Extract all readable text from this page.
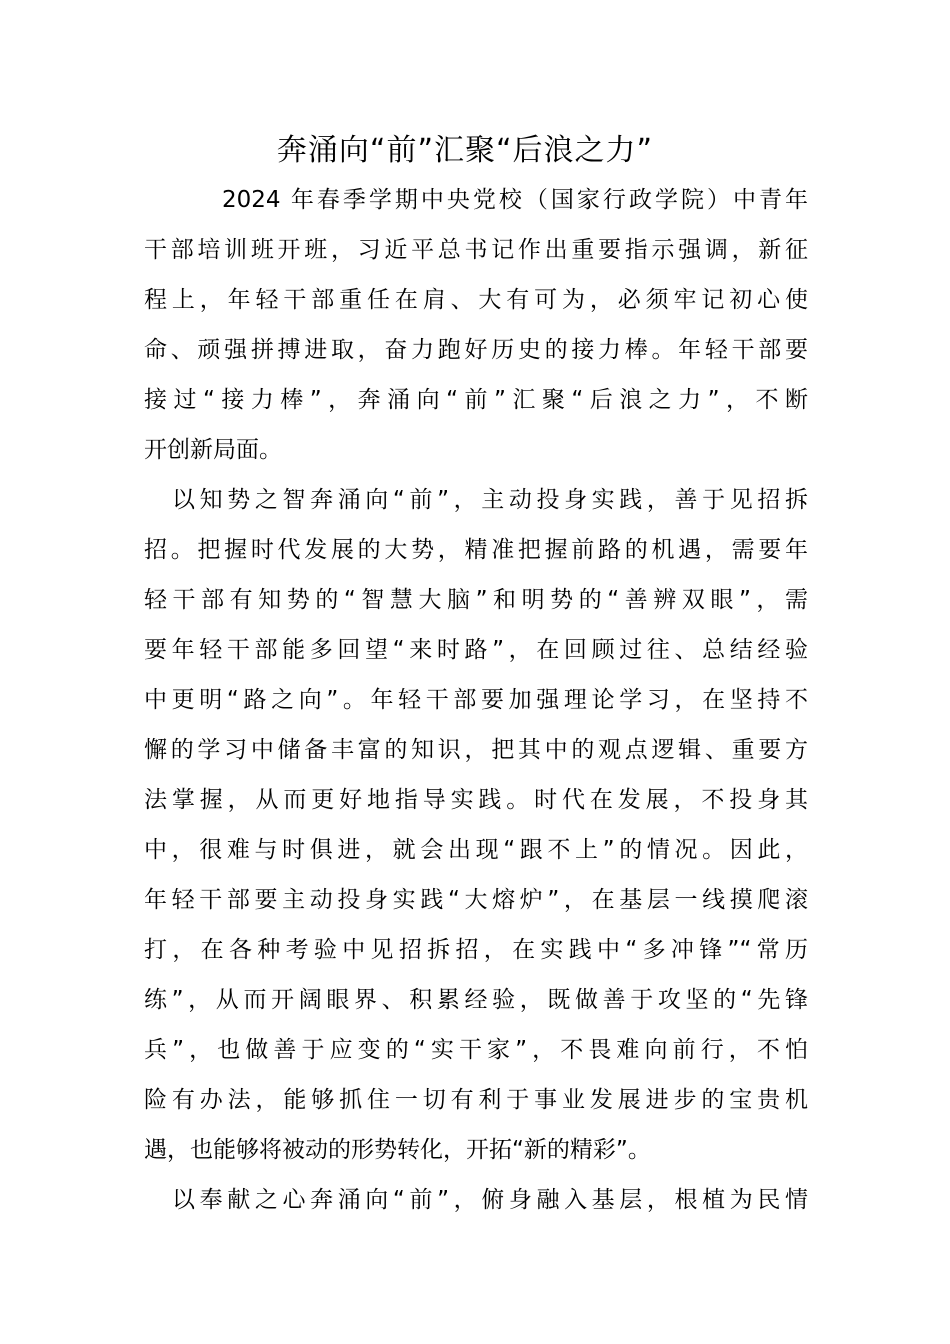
奔涌向“前”汇聚“后浪之力”
2024 年春季学期中央党校（国家行政学院）中青年
干部培训班开班，习近平总书记作出重要指示强调，新征
程上，年轻干部重任在肩、大有可为，必须牢记初心使
命、顽强拼搏进取，奋力跑好历史的接力棒。年轻干部要
接过“接力棒”，奔涌向“前”汇聚“后浪之力”，不断
开创新局面。
以知势之智奔涌向“前”，主动投身实践，善于见招拆
招。把握时代发展的大势，精准把握前路的机遇，需要年
轻干部有知势的“智慧大脑”和明势的“善辨双眼”，需
要年轻干部能多回望“来时路”，在回顾过往、总结经验
中更明“路之向”。年轻干部要加强理论学习，在坚持不
懈的学习中储备丰富的知识，把其中的观点逻辑、重要方
法掌握，从而更好地指导实践。时代在发展，不投身其
中，很难与时俱进，就会出现“跟不上”的情况。因此，
年轻干部要主动投身实践“大熔炉”，在基层一线摸爬滚
打，在各种考验中见招拆招，在实践中“多冲锋”“常历
练”，从而开阔眼界、积累经验，既做善于攻坚的“先锋
兵”，也做善于应变的“实干家”，不畏难向前行，不怕
险有办法，能够抓住一切有利于事业发展进步的宝贵机
遇，也能够将被动的形势转化，开拓“新的精彩”。
以奉献之心奔涌向“前”，俯身融入基层，根植为民情
